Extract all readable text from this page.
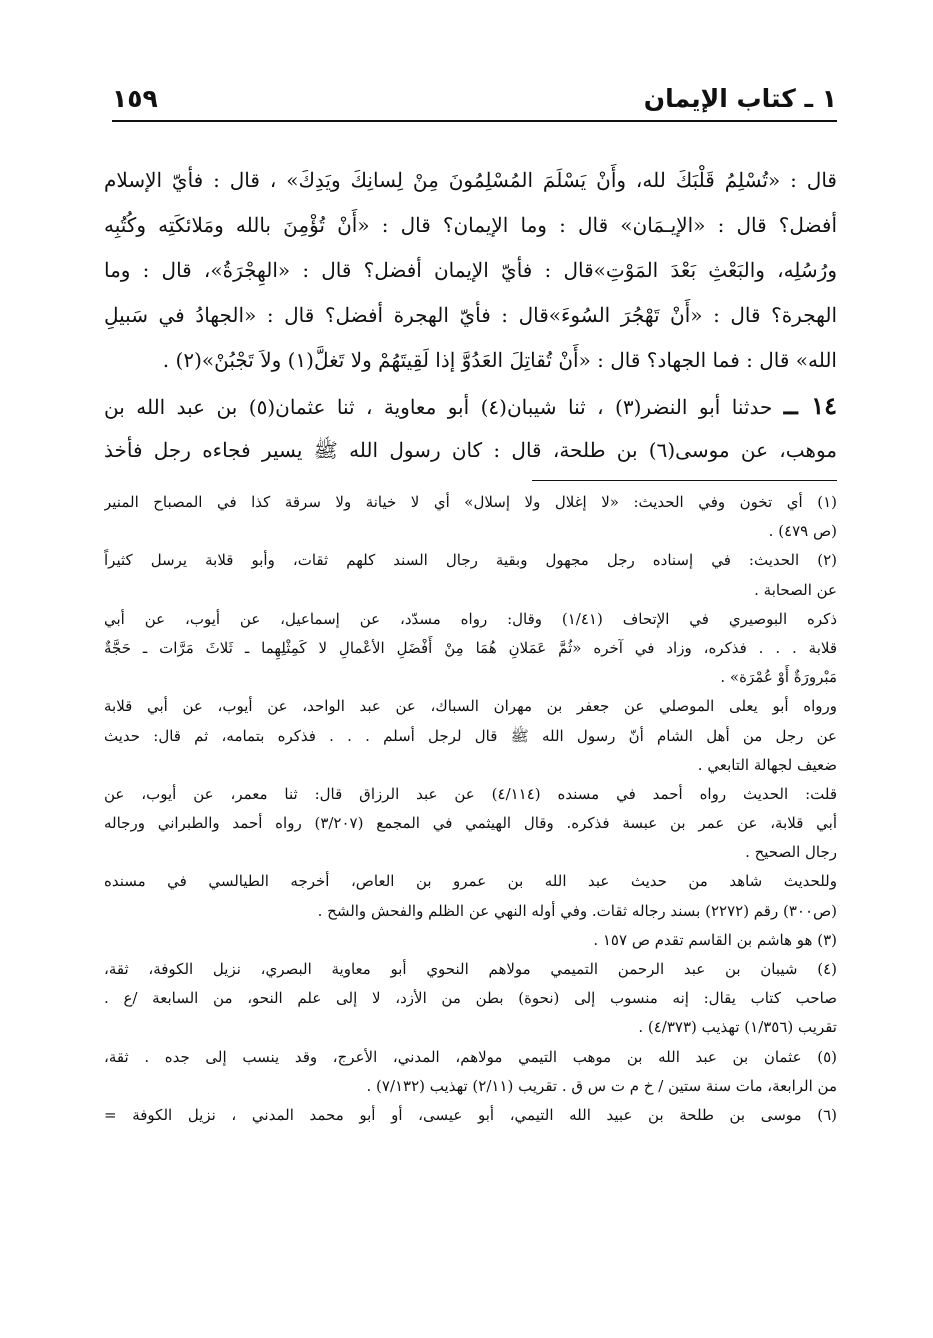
١ ـ كتاب الإيمان
١٥٩
قال : «تُسْلِمُ قَلْبَكَ لله، وأَنْ يَسْلَمَ المُسْلِمُونَ مِنْ لِسانِكَ ويَدِكَ» ، قال : فأيّ الإسلام
أفضل؟ قال : «الإيـمَان» قال : وما الإيمان؟ قال : «أَنْ تُؤْمِنَ بالله ومَلائكَتِه وكُتُبِه
ورُسُلِه، والبَعْثِ بَعْدَ المَوْتِ»قال : فأيّ الإيمان أفضل؟ قال : «الهِجْرَةُ»، قال : وما
الهجرة؟ قال : «أَنْ تَهْجُرَ السُوءَ»قال : فأيّ الهجرة أفضل؟ قال : «الجهادُ في سَبيلِ
الله» قال : فما الجهاد؟ قال : «أَنْ تُقاتِلَ العَدُوَّ إذا لَقِيتَهُمْ ولا تَغلَّ(١) ولاَ تَجْبُنْ»(٢) .
١٤ ــ حدثنا أبو النضر(٣) ، ثنا شيبان(٤) أبو معاوية ، ثنا عثمان(٥) بن عبد الله بن
موهب، عن موسى(٦) بن طلحة، قال : كان رسول الله ﷺ يسير فجاءه رجل فأخذ
(١) أي تخون وفي الحديث: «لا إغلال ولا إسلال» أي لا خيانة ولا سرقة كذا في المصباح المنير
(ص ٤٧٩) .
(٢) الحديث: في إسناده رجل مجهول وبقية رجال السند كلهم ثقات، وأبو قلابة يرسل كثيراً
عن الصحابة .
ذكره البوصيري في الإتحاف (١/٤١) وقال: رواه مسدّد، عن إسماعيل، عن أيوب، عن أبي
قلابة . . . فذكره، وزاد في آخره «ثُمَّ عَمَلانِ هُمَا مِنْ أَفْضَلِ الأعْمالِ لا كَمِثْلِهِما ـ ثَلاثَ مَرَّات ـ حَجَّةٌ
مَبْرورَةٌ أَوْ عُمْرَة» .
ورواه أبو يعلى الموصلي عن جعفر بن مهران السباك، عن عبد الواحد، عن أيوب، عن أبي قلابة
عن رجل من أهل الشام أنّ رسول الله ﷺ قال لرجل أسلم . . . فذكره بتمامه، ثم قال: حديث
ضعيف لجهالة التابعي .
قلت: الحديث رواه أحمد في مسنده (٤/١١٤) عن عبد الرزاق قال: ثنا معمر، عن أيوب، عن
أبي قلابة، عن عمر بن عبسة فذكره. وقال الهيثمي في المجمع (٣/٢٠٧) رواه أحمد والطبراني ورجاله
رجال الصحيح .
وللحديث شاهد من حديث عبد الله بن عمرو بن العاص، أخرجه الطيالسي في مسنده
(ص٣٠٠) رقم (٢٢٧٢) بسند رجاله ثقات. وفي أوله النهي عن الظلم والفحش والشح .
(٣) هو هاشم بن القاسم تقدم ص ١٥٧ .
(٤) شيبان بن عبد الرحمن التميمي مولاهم النحوي أبو معاوية البصري، نزيل الكوفة، ثقة،
صاحب كتاب يقال: إنه منسوب إلى (نحوة) بطن من الأزد، لا إلى علم النحو، من السابعة /ع .
تقريب (١/٣٥٦) تهذيب (٤/٣٧٣) .
(٥) عثمان بن عبد الله بن موهب التيمي مولاهم، المدني، الأعرج، وقد ينسب إلى جده . ثقة،
من الرابعة، مات سنة ستين / خ م ت س ق . تقريب (٢/١١) تهذيب (٧/١٣٢) .
(٦) موسى بن طلحة بن عبيد الله التيمي، أبو عيسى، أو أبو محمد المدني ، نزيل الكوفة =
